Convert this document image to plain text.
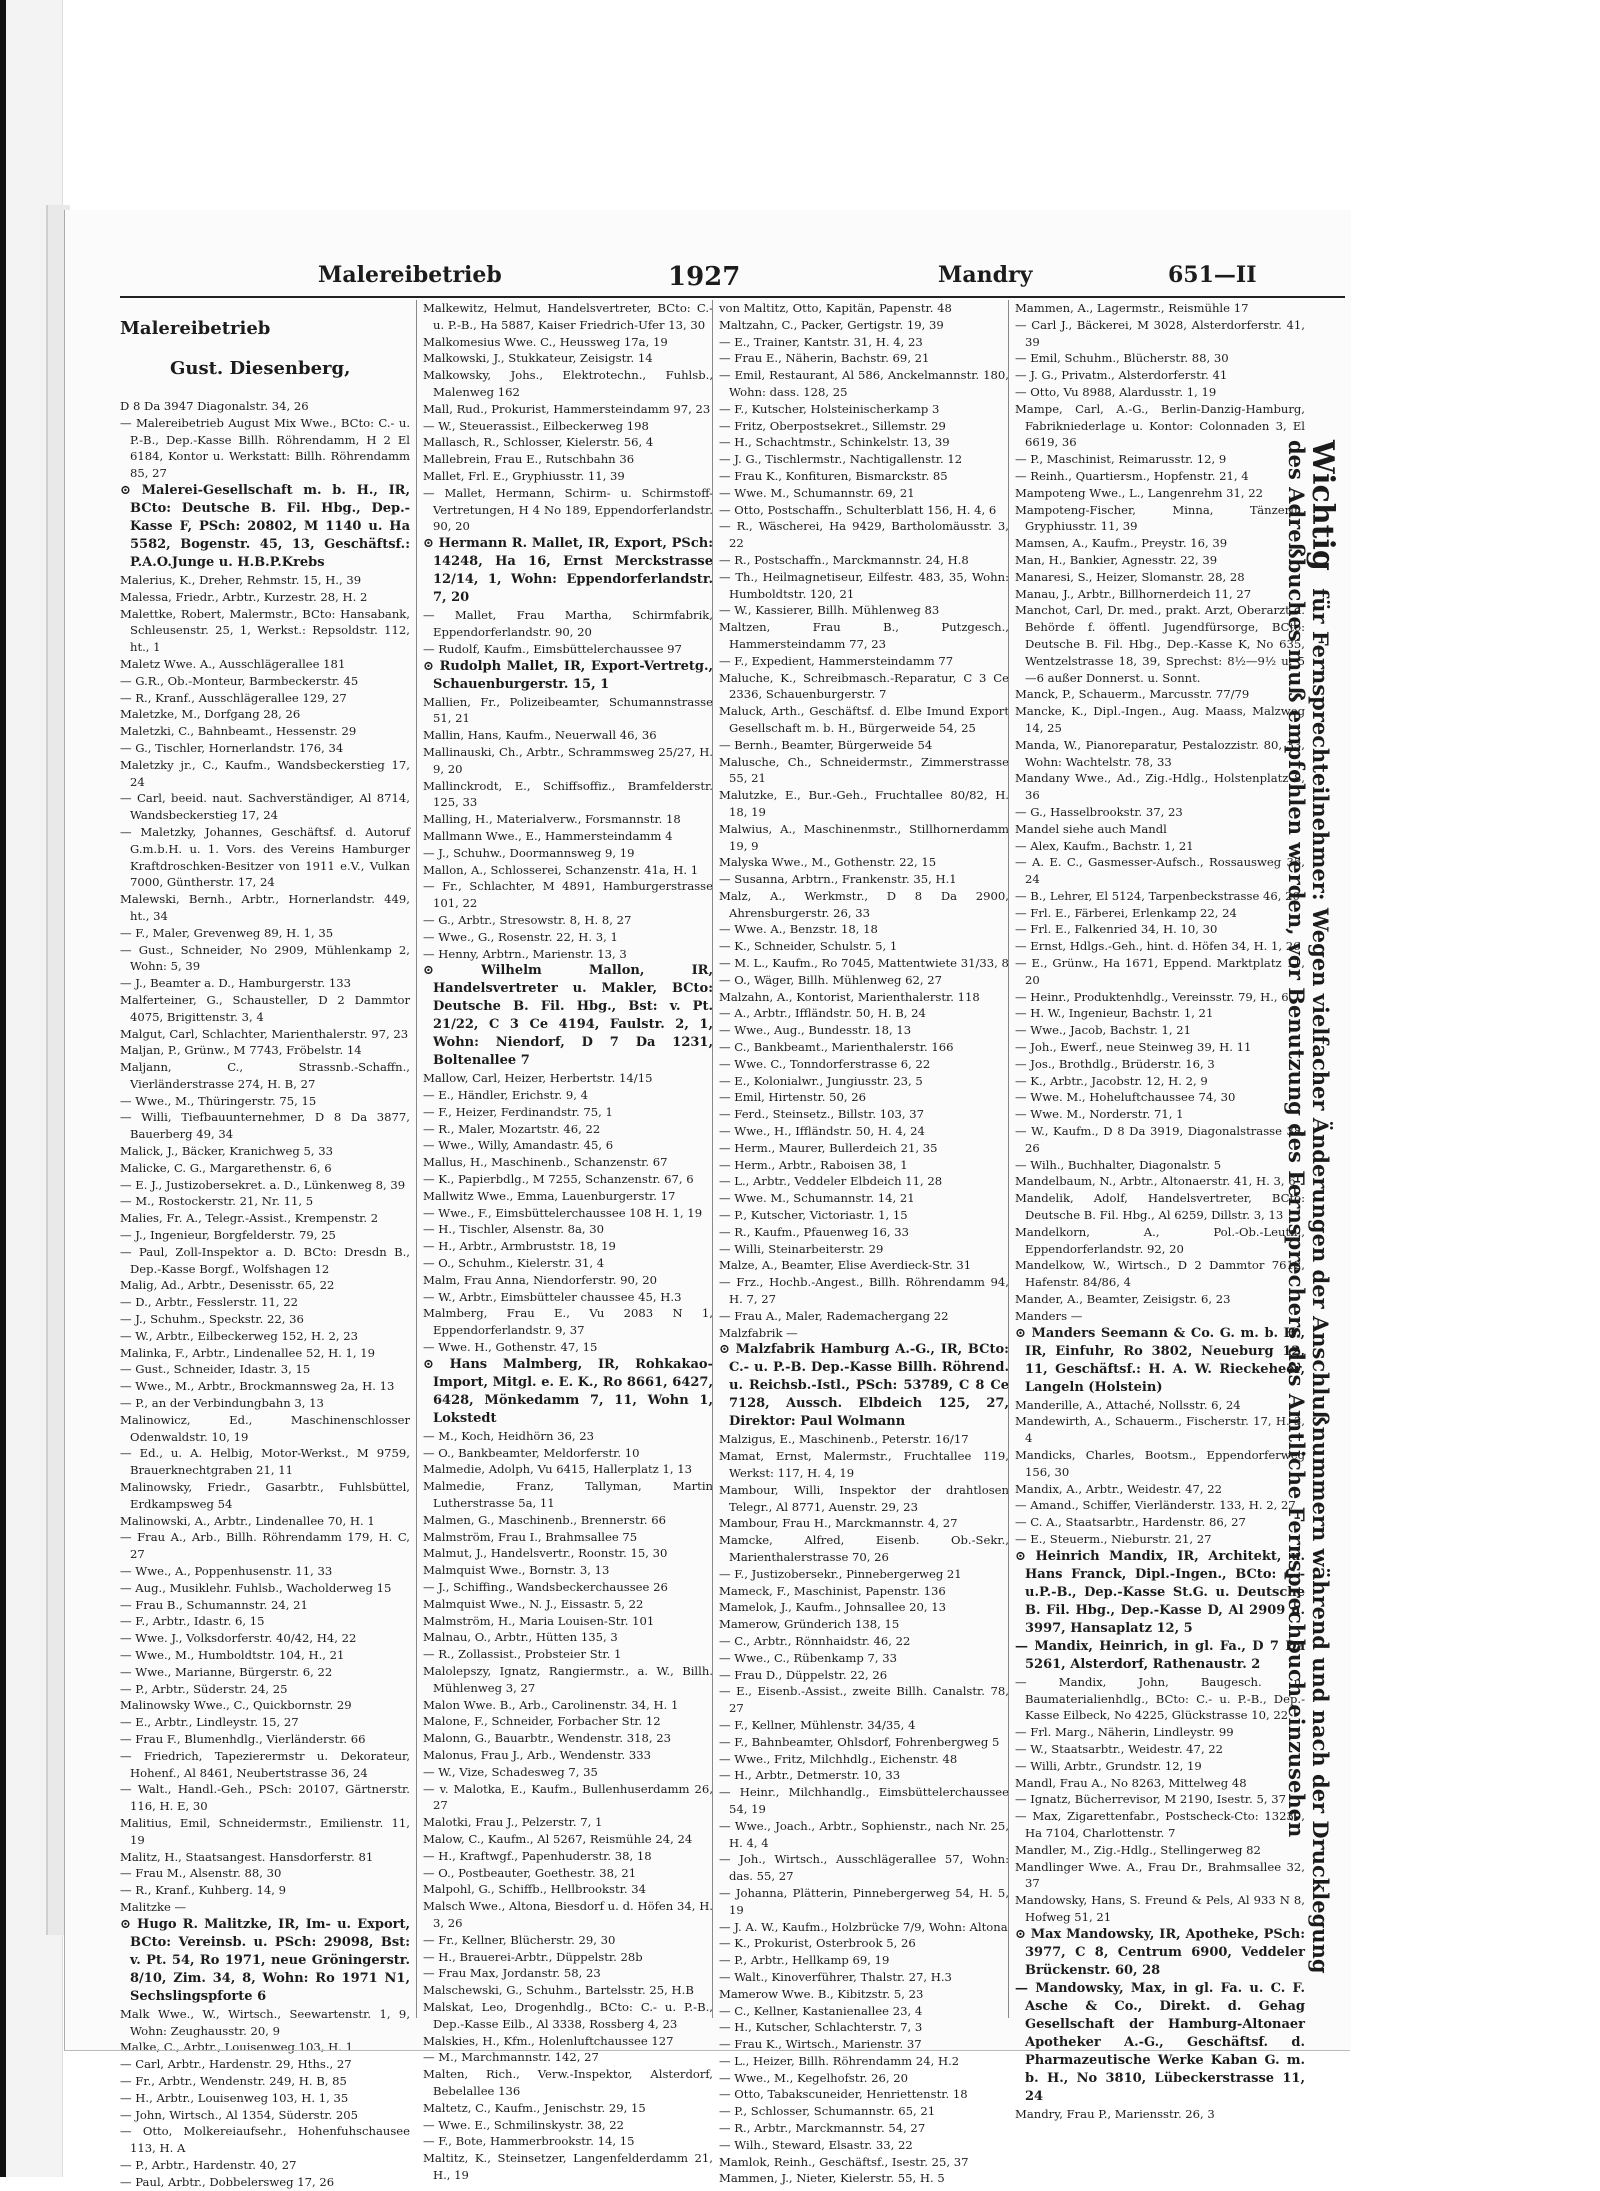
Malereibetrieb	1927	Mandry	651—II

Malereibetrieb

Gust. Diesenberg,

D 8 Da 3947 Diagonalstr. 34, 26

— Malereibetrieb August Mix Wwe., BCto: C.- u. P.-B., Dep.-Kasse Billh. Röhrendamm, H 2 El 6184, Kontor u. Werkstatt: Billh. Röhrendamm 85, 27

⊙ Malerei-Gesellschaft m. b. H., IR, BCto: Deutsche B. Fil. Hbg., Dep.-Kasse F, PSch: 20802, M 1140 u. Ha 5582, Bogenstr. 45, 13, Geschäftsf.: P.A.O.Junge u. H.B.P.Krebs

Malerius, K., Dreher, Rehmstr. 15, H., 39

Malessa, Friedr., Arbtr., Kurzestr. 28, H. 2

Malettke, Robert, Malermstr., BCto: Hansabank, Schleusenstr. 25, 1, Werkst.: Repsoldstr. 112, ht., 1

Maletz Wwe. A., Ausschlägerallee 181

— G.R., Ob.-Monteur, Barmbeckerstr. 45

— R., Kranf., Ausschlägerallee 129, 27

Maletzke, M., Dorfgang 28, 26

Maletzki, C., Bahnbeamt., Hessenstr. 29

— G., Tischler, Hornerlandstr. 176, 34

Maletzky jr., C., Kaufm., Wandsbeckerstieg 17, 24

— Carl, beeid. naut. Sachverständiger, Al 8714, Wandsbeckerstieg 17, 24

— Maletzky, Johannes, Geschäftsf. d. Autoruf G.m.b.H. u. 1. Vors. des Vereins Hamburger Kraftdroschken-Besitzer von 1911 e.V., Vulkan 7000, Güntherstr. 17, 24

Malewski, Bernh., Arbtr., Hornerlandstr. 449, ht., 34

— F., Maler, Grevenweg 89, H. 1, 35

— Gust., Schneider, No 2909, Mühlenkamp 2, Wohn: 5, 39

— J., Beamter a. D., Hamburgerstr. 133

Malferteiner, G., Schausteller, D 2 Dammtor 4075, Brigittenstr. 3, 4

Malgut, Carl, Schlachter, Marienthalerstr. 97, 23

Maljan, P., Grünw., M 7743, Fröbelstr. 14

Maljann, C., Strassnb.-Schaffn., Vierländerstrasse 274, H. B, 27

— Wwe., M., Thüringerstr. 75, 15

— Willi, Tiefbauunternehmer, D 8 Da 3877, Bauerberg 49, 34

Malick, J., Bäcker, Kranichweg 5, 33

Malicke, C. G., Margarethenstr. 6, 6

— E. J., Justizobersekret. a. D., Lünkenweg 8, 39

— M., Rostockerstr. 21, Nr. 11, 5

Malies, Fr. A., Telegr.-Assist., Krempenstr. 2

— J., Ingenieur, Borgfelderstr. 79, 25

— Paul, Zoll-Inspektor a. D. BCto: Dresdn B., Dep.-Kasse Borgf., Wolfshagen 12

Malig, Ad., Arbtr., Desenisstr. 65, 22

— D., Arbtr., Fesslerstr. 11, 22

— J., Schuhm., Speckstr. 22, 36

— W., Arbtr., Eilbeckerweg 152, H. 2, 23

Malinka, F., Arbtr., Lindenallee 52, H. 1, 19

— Gust., Schneider, Idastr. 3, 15

— Wwe., M., Arbtr., Brockmannsweg 2a, H. 13

— P., an der Verbindungbahn 3, 13

Malinowicz, Ed., Maschinenschlosser Odenwaldstr. 10, 19

— Ed., u. A. Helbig, Motor-Werkst., M 9759, Brauerknechtgraben 21, 11

Malinowsky, Friedr., Gasarbtr., Fuhlsbüttel, Erdkampsweg 54

Malinowski, A., Arbtr., Lindenallee 70, H. 1

— Frau A., Arb., Billh. Röhrendamm 179, H. C, 27

— Wwe., A., Poppenhusenstr. 11, 33

— Aug., Musiklehr. Fuhlsb., Wacholderweg 15

— Frau B., Schumannstr. 24, 21

— F., Arbtr., Idastr. 6, 15

— Wwe. J., Volksdorferstr. 40/42, H4, 22

— Wwe., M., Humboldtstr. 104, H., 21

— Wwe., Marianne, Bürgerstr. 6, 22

— P., Arbtr., Süderstr. 24, 25

Malinowsky Wwe., C., Quickbornstr. 29

— E., Arbtr., Lindleystr. 15, 27

— Frau F., Blumenhdlg., Vierländerstr. 66

— Friedrich, Tapezierermstr u. Dekorateur, Hohenf., Al 8461, Neubertstrasse 36, 24

— Walt., Handl.-Geh., PSch: 20107, Gärtnerstr. 116, H. E, 30

Malitius, Emil, Schneidermstr., Emilienstr. 11, 19

Malitz, H., Staatsangest. Hansdorferstr. 81

— Frau M., Alsenstr. 88, 30

— R., Kranf., Kuhberg. 14, 9

Malitzke —

⊙ Hugo R. Malitzke, IR, Im- u. Export, BCto: Vereinsb. u. PSch: 29098, Bst: v. Pt. 54, Ro 1971, neue Gröningerstr. 8/10, Zim. 34, 8, Wohn: Ro 1971 N1, Sechslingspforte 6

Malk Wwe., W., Wirtsch., Seewartenstr. 1, 9, Wohn: Zeughausstr. 20, 9

Malke, C., Arbtr., Louisenweg 103, H. 1

— Carl, Arbtr., Hardenstr. 29, Hths., 27

— Fr., Arbtr., Wendenstr. 249, H. B, 85

— H., Arbtr., Louisenweg 103, H. 1, 35

— John, Wirtsch., Al 1354, Süderstr. 205

— Otto, Molkereiaufsehr., Hohenfuhschausee 113, H. A

— P., Arbtr., Hardenstr. 40, 27

— Paul, Arbtr., Dobbelersweg 17, 26

Malkewitz, Helmut, Handelsvertreter, BCto: C.- u. P.-B., Ha 5887, Kaiser Friedrich-Ufer 13, 30

Malkomesius Wwe. C., Heussweg 17a, 19

Malkowski, J., Stukkateur, Zeisigstr. 14

Malkowsky, Johs., Elektrotechn., Fuhlsb., Malenweg 162

Mall, Rud., Prokurist, Hammersteindamm 97, 23

— W., Steuerassist., Eilbeckerweg 198

Mallasch, R., Schlosser, Kielerstr. 56, 4

Mallebrein, Frau E., Rutschbahn 36

Mallet, Frl. E., Gryphiusstr. 11, 39

— Mallet, Hermann, Schirm- u. Schirmstoff-Vertretungen, H 4 No 189, Eppendorferlandstr. 90, 20

⊙ Hermann R. Mallet, IR, Export, PSch: 14248, Ha 16, Ernst Merckstrasse 12/14, 1, Wohn: Eppendorferlandstr. 7, 20

— Mallet, Frau Martha, Schirmfabrik, Eppendorferlandstr. 90, 20

— Rudolf, Kaufm., Eimsbüttelerchaussee 97

⊙ Rudolph Mallet, IR, Export-Vertretg., Schauenburgerstr. 15, 1

Mallien, Fr., Polizeibeamter, Schumannstrasse 51, 21

Mallin, Hans, Kaufm., Neuerwall 46, 36

Mallinauski, Ch., Arbtr., Schrammsweg 25/27, H. 9, 20

Mallinckrodt, E., Schiffsoffiz., Bramfelderstr. 125, 33

Malling, H., Materialverw., Forsmannstr. 18

Mallmann Wwe., E., Hammersteindamm 4

— J., Schuhw., Doormannsweg 9, 19

Mallon, A., Schlosserei, Schanzenstr. 41a, H. 1

— Fr., Schlachter, M 4891, Hamburgerstrasse 101, 22

— G., Arbtr., Stresowstr. 8, H. 8, 27

— Wwe., G., Rosenstr. 22, H. 3, 1

— Henny, Arbtrn., Marienstr. 13, 3

⊙ Wilhelm Mallon, IR, Handelsvertreter u. Makler, BCto: Deutsche B. Fil. Hbg., Bst: v. Pt. 21/22, C 3 Ce 4194, Faulstr. 2, 1, Wohn: Niendorf, D 7 Da 1231, Boltenallee 7

Mallow, Carl, Heizer, Herbertstr. 14/15

— E., Händler, Erichstr. 9, 4

— F., Heizer, Ferdinandstr. 75, 1

— R., Maler, Mozartstr. 46, 22

— Wwe., Willy, Amandastr. 45, 6

Mallus, H., Maschinenb., Schanzenstr. 67

— K., Papierbdlg., M 7255, Schanzenstr. 67, 6

Mallwitz Wwe., Emma, Lauenburgerstr. 17

— Wwe., F., Eimsbüttelerchaussee 108 H. 1, 19

— H., Tischler, Alsenstr. 8a, 30

— H., Arbtr., Armbruststr. 18, 19

— O., Schuhm., Kielerstr. 31, 4

Malm, Frau Anna, Niendorferstr. 90, 20

— W., Arbtr., Eimsbütteler chaussee 45, H.3

Malmberg, Frau E., Vu 2083 N 1, Eppendorferlandstr. 9, 37

— Wwe. H., Gothenstr. 47, 15

⊙ Hans Malmberg, IR, Rohkakao-Import, Mitgl. e. E. K., Ro 8661, 6427, 6428, Mönkedamm 7, 11, Wohn 1, Lokstedt

— M., Koch, Heidhörn 36, 23

— O., Bankbeamter, Meldorferstr. 10

Malmedie, Adolph, Vu 6415, Hallerplatz 1, 13

Malmedie, Franz, Tallyman, Martin Lutherstrasse 5a, 11

Malmen, G., Maschinenb., Brennerstr. 66

Malmström, Frau I., Brahmsallee 75

Malmut, J., Handelsvertr., Roonstr. 15, 30

Malmquist Wwe., Bornstr. 3, 13

— J., Schiffing., Wandsbeckerchaussee 26

Malmquist Wwe., N. J., Eissastr. 5, 22

Malmström, H., Maria Louisen-Str. 101

Malnau, O., Arbtr., Hütten 135, 3

— R., Zollassist., Probsteier Str. 1

Malolepszy, Ignatz, Rangiermstr., a. W., Billh. Mühlenweg 3, 27

Malon Wwe. B., Arb., Carolinenstr. 34, H. 1

Malone, F., Schneider, Forbacher Str. 12

Malonn, G., Bauarbtr., Wendenstr. 318, 23

Malonus, Frau J., Arb., Wendenstr. 333

— W., Vize, Schadesweg 7, 35

— v. Malotka, E., Kaufm., Bullenhuserdamm 26, 27

Malotki, Frau J., Pelzerstr. 7, 1

Malow, C., Kaufm., Al 5267, Reismühle 24, 24

— H., Kraftwgf., Papenhuderstr. 38, 18

— O., Postbeauter, Goethestr. 38, 21

Malpohl, G., Schiffb., Hellbrookstr. 34

Malsch Wwe., Altona, Biesdorf u. d. Höfen 34, H. 3, 26

— Fr., Kellner, Blücherstr. 29, 30

— H., Brauerei-Arbtr., Düppelstr. 28b

— Frau Max, Jordanstr. 58, 23

Malschewski, G., Schuhm., Bartelsstr. 25, H.B

Malskat, Leo, Drogenhdlg., BCto: C.- u. P.-B., Dep.-Kasse Eilb., Al 3338, Rossberg 4, 23

Malskies, H., Kfm., Holenluftchaussee 127

— M., Marchmannstr. 142, 27

Malten, Rich., Verw.-Inspektor, Alsterdorf, Bebelallee 136

Maltetz, C., Kaufm., Jenischstr. 29, 15

— Wwe. E., Schmilinskystr. 38, 22

— F., Bote, Hammerbrookstr. 14, 15

Maltitz, K., Steinsetzer, Langenfelderdamm 21, H., 19

von Maltitz, Otto, Kapitän, Papenstr. 48

Maltzahn, C., Packer, Gertigstr. 19, 39

— E., Trainer, Kantstr. 31, H. 4, 23

— Frau E., Näherin, Bachstr. 69, 21

— Emil, Restaurant, Al 586, Anckelmannstr. 180, Wohn: dass. 128, 25

— F., Kutscher, Holsteinischerkamp 3

— Fritz, Oberpostsekret., Sillemstr. 29

— H., Schachtmstr., Schinkelstr. 13, 39

— J. G., Tischlermstr., Nachtigallenstr. 12

— Frau K., Konfituren, Bismarckstr. 85

— Wwe. M., Schumannstr. 69, 21

— Otto, Postschaffn., Schulterblatt 156, H. 4, 6

— R., Wäscherei, Ha 9429, Bartholomäusstr. 3, 22

— R., Postschaffn., Marckmannstr. 24, H.8

— Th., Heilmagnetiseur, Eilfestr. 483, 35, Wohn: Humboldtstr. 120, 21

— W., Kassierer, Billh. Mühlenweg 83

Maltzen, Frau B., Putzgesch., Hammersteindamm 77, 23

— F., Expedient, Hammersteindamm 77

Maluche, K., Schreibmasch.-Reparatur, C 3 Ce 2336, Schauenburgerstr. 7

Maluck, Arth., Geschäftsf. d. Elbe Imund Export Gesellschaft m. b. H., Bürgerweide 54, 25

— Bernh., Beamter, Bürgerweide 54

Malusche, Ch., Schneidermstr., Zimmerstrasse 55, 21

Malutzke, E., Bur.-Geh., Fruchtallee 80/82, H. 18, 19

Malwius, A., Maschinenmstr., Stillhornerdamm 19, 9

Malyska Wwe., M., Gothenstr. 22, 15

— Susanna, Arbtrn., Frankenstr. 35, H.1

Malz, A., Werkmstr., D 8 Da 2900, Ahrensburgerstr. 26, 33

— Wwe. A., Benzstr. 18, 18

— K., Schneider, Schulstr. 5, 1

— M. L., Kaufm., Ro 7045, Mattentwiete 31/33, 8

— O., Wäger, Billh. Mühlenweg 62, 27

Malzahn, A., Kontorist, Marienthalerstr. 118

— A., Arbtr., Iffländstr. 50, H. B, 24

— Wwe., Aug., Bundesstr. 18, 13

— C., Bankbeamt., Marienthalerstr. 166

— Wwe. C., Tonndorferstrasse 6, 22

— E., Kolonialwr., Jungiusstr. 23, 5

— Emil, Hirtenstr. 50, 26

— Ferd., Steinsetz., Billstr. 103, 37

— Wwe., H., Iffländstr. 50, H. 4, 24

— Herm., Maurer, Bullerdeich 21, 35

— Herm., Arbtr., Raboisen 38, 1

— L., Arbtr., Veddeler Elbdeich 11, 28

— Wwe. M., Schumannstr. 14, 21

— P., Kutscher, Victoriastr. 1, 15

— R., Kaufm., Pfauenweg 16, 33

— Willi, Steinarbeiterstr. 29

Malze, A., Beamter, Elise Averdieck-Str. 31

— Frz., Hochb.-Angest., Billh. Röhrendamm 94, H. 7, 27

— Frau A., Maler, Rademachergang 22

Malzfabrik —

⊙ Malzfabrik Hamburg A.-G., IR, BCto: C.- u. P.-B. Dep.-Kasse Billh. Röhrend. u. Reichsb.-Istl., PSch: 53789, C 8 Ce 7128, Aussch. Elbdeich 125, 27, Direktor: Paul Wolmann

Malzigus, E., Maschinenb., Peterstr. 16/17

Mamat, Ernst, Malermstr., Fruchtallee 119, Werkst: 117, H. 4, 19

Mambour, Willi, Inspektor der drahtlosen Telegr., Al 8771, Auenstr. 29, 23

Mambour, Frau H., Marckmannstr. 4, 27

Mamcke, Alfred, Eisenb. Ob.-Sekr., Marienthalerstrasse 70, 26

— F., Justizobersekr., Pinnebergerweg 21

Mameck, F., Maschinist, Papenstr. 136

Mamelok, J., Kaufm., Johnsallee 20, 13

Mamerow, Gründerich 138, 15

— C., Arbtr., Rönnhaidstr. 46, 22

— Wwe., C., Rübenkamp 7, 33

— Frau D., Düppelstr. 22, 26

— E., Eisenb.-Assist., zweite Billh. Canalstr. 78, 27

— F., Kellner, Mühlenstr. 34/35, 4

— F., Bahnbeamter, Ohlsdorf, Fohrenbergweg 5

— Wwe., Fritz, Milchhdlg., Eichenstr. 48

— H., Arbtr., Detmerstr. 10, 33

— Heinr., Milchhandlg., Eimsbüttelerchaussee 54, 19

— Wwe., Joach., Arbtr., Sophienstr., nach Nr. 25, H. 4, 4

— Joh., Wirtsch., Ausschlägerallee 57, Wohn: das. 55, 27

— Johanna, Plätterin, Pinnebergerweg 54, H. 5, 19

— J. A. W., Kaufm., Holzbrücke 7/9, Wohn: Altona

— K., Prokurist, Osterbrook 5, 26

— P., Arbtr., Hellkamp 69, 19

— Walt., Kinoverführer, Thalstr. 27, H.3

Mamerow Wwe. B., Kibitzstr. 5, 23

— C., Kellner, Kastanienallee 23, 4

— H., Kutscher, Schlachterstr. 7, 3

— Frau K., Wirtsch., Marienstr. 37

— L., Heizer, Billh. Röhrendamm 24, H.2

— Wwe., M., Kegelhofstr. 26, 20

— Otto, Tabakscuneider, Henriettenstr. 18

— P., Schlosser, Schumannstr. 65, 21

— R., Arbtr., Marckmannstr. 54, 27

— Wilh., Steward, Elsastr. 33, 22

Mamlok, Reinh., Geschäftsf., Isestr. 25, 37

Mammen, J., Nieter, Kielerstr. 55, H. 5

Mammen, A., Lagermstr., Reismühle 17

— Carl J., Bäckerei, M 3028, Alsterdorferstr. 41, 39

— Emil, Schuhm., Blücherstr. 88, 30

— J. G., Privatm., Alsterdorferstr. 41

— Otto, Vu 8988, Alardusstr. 1, 19

Mampe, Carl, A.-G., Berlin-Danzig-Hamburg, Fabrikniederlage u. Kontor: Colonnaden 3, El 6619, 36

— P., Maschinist, Reimarusstr. 12, 9

— Reinh., Quartiersm., Hopfenstr. 21, 4

Mampoteng Wwe., L., Langenrehm 31, 22

Mampoteng-Fischer, Minna, Tänzerin, Gryphiusstr. 11, 39

Mamsen, A., Kaufm., Preystr. 16, 39

Man, H., Bankier, Agnesstr. 22, 39

Manaresi, S., Heizer, Slomanstr. 28, 28

Manau, J., Arbtr., Billhornerdeich 11, 27

Manchot, Carl, Dr. med., prakt. Arzt, Oberarzt d. Behörde f. öffentl. Jugendfürsorge, BCto: Deutsche B. Fil. Hbg., Dep.-Kasse K, No 635, Wentzelstrasse 18, 39, Sprechst: 8½—9½ u. 5—6 außer Donnerst. u. Sonnt.

Manck, P., Schauerm., Marcusstr. 77/79

Mancke, K., Dipl.-Ingen., Aug. Maass, Malzweg 14, 25

Manda, W., Pianoreparatur, Pestalozzistr. 80, 33, Wohn: Wachtelstr. 78, 33

Mandany Wwe., Ad., Zig.-Hdlg., Holstenplatz 8, 36

— G., Hasselbrookstr. 37, 23

Mandel siehe auch Mandl

— Alex, Kaufm., Bachstr. 1, 21

— A. E. C., Gasmesser-Aufsch., Rossausweg 35, 24

— B., Lehrer, El 5124, Tarpenbeckstrasse 46, 20

— Frl. E., Färberei, Erlenkamp 22, 24

— Frl. E., Falkenried 34, H. 10, 30

— Ernst, Hdlgs.-Geh., hint. d. Höfen 34, H. 1, 26

— E., Grünw., Ha 1671, Eppend. Marktplatz 11, 20

— Heinr., Produktenhdlg., Vereinsstr. 79, H., 6

— H. W., Ingenieur, Bachstr. 1, 21

— Wwe., Jacob, Bachstr. 1, 21

— Joh., Ewerf., neue Steinweg 39, H. 11

— Jos., Brothdlg., Brüderstr. 16, 3

— K., Arbtr., Jacobstr. 12, H. 2, 9

— Wwe. M., Hoheluftchaussee 74, 30

— Wwe. M., Norderstr. 71, 1

— W., Kaufm., D 8 Da 3919, Diagonalstrasse 38, 26

— Wilh., Buchhalter, Diagonalstr. 5

Mandelbaum, N., Arbtr., Altonaerstr. 41, H. 3, 6

Mandelik, Adolf, Handelsvertreter, BCto: Deutsche B. Fil. Hbg., Al 6259, Dillstr. 3, 13

Mandelkorn, A., Pol.-Ob.-Leutn., Eppendorferlandstr. 92, 20

Mandelkow, W., Wirtsch., D 2 Dammtor 7612, Hafenstr. 84/86, 4

Mander, A., Beamter, Zeisigstr. 6, 23

Manders —

⊙ Manders Seemann & Co. G. m. b. H., IR, Einfuhr, Ro 3802, Neueburg 12, 11, Geschäftsf.: H. A. W. Rieckeheer, Langeln (Holstein)

Manderille, A., Attaché, Nollsstr. 6, 24

Mandewirth, A., Schauerm., Fischerstr. 17, H. 3, 4

Mandicks, Charles, Bootsm., Eppendorferweg 156, 30

Mandix, A., Arbtr., Weidestr. 47, 22

— Amand., Schiffer, Vierländerstr. 133, H. 2, 27

— C. A., Staatsarbtr., Hardenstr. 86, 27

— E., Steuerm., Nieburstr. 21, 27

⊙ Heinrich Mandix, IR, Architekt, u. Hans Franck, Dipl.-Ingen., BCto: C.-u.P.-B., Dep.-Kasse St.G. u. Deutsche B. Fil. Hbg., Dep.-Kasse D, Al 2909 u. 3997, Hansaplatz 12, 5

— Mandix, Heinrich, in gl. Fa., D 7 Da 5261, Alsterdorf, Rathenaustr. 2

— Mandix, John, Baugesch. u. Baumaterialienhdlg., BCto: C.- u. P.-B., Dep.-Kasse Eilbeck, No 4225, Glückstrasse 10, 22

— Frl. Marg., Näherin, Lindleystr. 99

— W., Staatsarbtr., Weidestr. 47, 22

— Willi, Arbtr., Grundstr. 12, 19

Mandl, Frau A., No 8263, Mittelweg 48

— Ignatz, Bücherrevisor, M 2190, Isestr. 5, 37

— Max, Zigarettenfabr., Postscheck-Cto: 13239, Ha 7104, Charlottenstr. 7

Mandler, M., Zig.-Hdlg., Stellingerweg 82

Mandlinger Wwe. A., Frau Dr., Brahmsallee 32, 37

Mandowsky, Hans, S. Freund & Pels, Al 933 N 8, Hofweg 51, 21

⊙ Max Mandowsky, IR, Apotheke, PSch: 3977, C 8, Centrum 6900, Veddeler Brückenstr. 60, 28

— Mandowsky, Max, in gl. Fa. u. C. F. Asche & Co., Direkt. d. Gehag Gesellschaft der Hamburg-Altonaer Apotheker A.-G., Geschäftsf. d. Pharmazeutische Werke Kaban G. m. b. H., No 3810, Lübeckerstrasse 11, 24

Mandry, Frau P., Mariensstr. 26, 3

Wichtig für Fernsprechteilnehmer: Wegen vielfacher Änderungen der Anschlußnummern während und nach der Drucklegung
des Adreßbuches muß empfohlen werden, vor Benutzung des Fernsprechers das Amtliche Fernsprechbuch einzusehen
